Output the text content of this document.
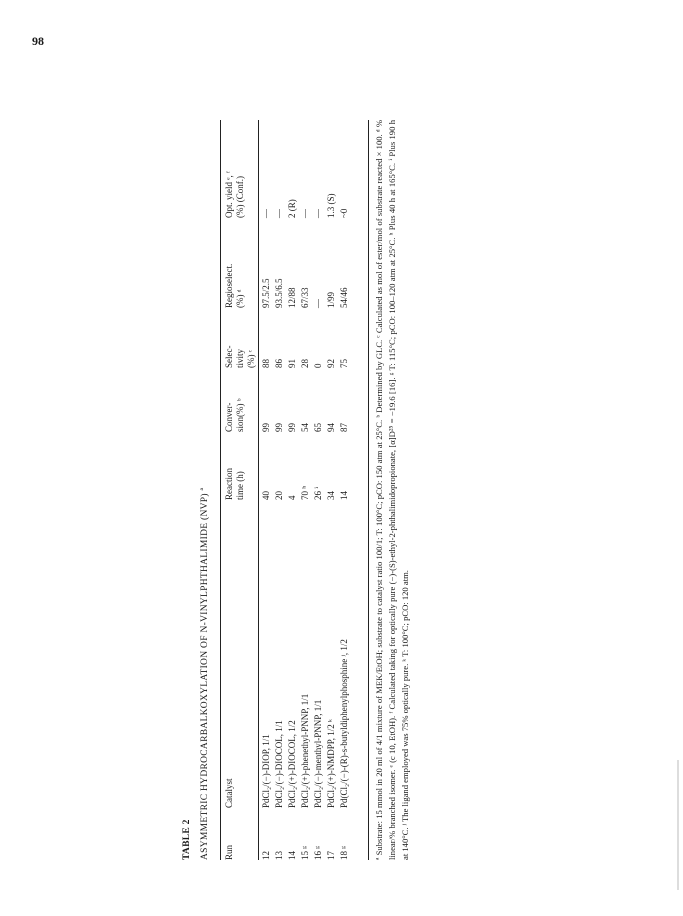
98
TABLE 2 ASYMMETRIC HYDROCARBALKOXYLATION OF N-VINYLPHTHALIMIDE (NVP) ª Run
Catalyst
Reaction
time (h)
Conver-
sion(%) ᵇ
Selec-
tivity
(%) ᶜ
Regioselect.
(%) ᵈ
Opt. yield ᵉ, ᶠ
(%) (Conf.)
12
PdCl₂/(−)-DIOP, 1/1
40
99
88
97.5/2.5
—
13
PdCl₂/(−)-DIOCOL, 1/1
20
99
86
93.5/6.5
—
14
PdCl₂/(+)-DIOCOL, 1/2
4
99
91
12/88
2 (R)
15 ᵍ
PdCl₂/(+)-phenethyl-PNNP, 1/1
70 ʰ
54
28
67/33
—
16 ᵍ
PdCl₂/(−)-menthyl-PNNP, 1/1
26 ⁱ
65
0
—
—
17
PdCl₂/(+)-NMDPP, 1/2 ᵏ
34
94
92
1/99
1.3 (S)
18 ᵍ
Pd(Cl₂/(−)-(R)-s-butyldiphenylphosphine ʲ, 1/2
14
87
75
54/46
~0	ª Substrate: 15 mmol in 20 ml of 4/1 mixture of MEK/EtOH; substrate to catalyst ratio 100/1; T: 100°C; pCO: 150 atm at 25°C. ᵇ Determined by GLC. ᶜ Calculated as mol of ester/mol of substrate reacted × 100. ᵈ % linear/% branched isomer. ᵉ (c 10, EtOH). ᶠ Calculated taking for optically pure (−)-(S)-ethyl-2-phthalimidopropionate, [α]D²⁵ = −19.6 [16]. ᵍ T: 115°C; pCO: 100–120 atm at 25°C. ʰ Plus 40 h at 165°C. ⁱ Plus 190 h at 140°C. ʲ The ligand employed was 75% optically pure. ᵏ T: 100°C; pCO: 120 atm.
